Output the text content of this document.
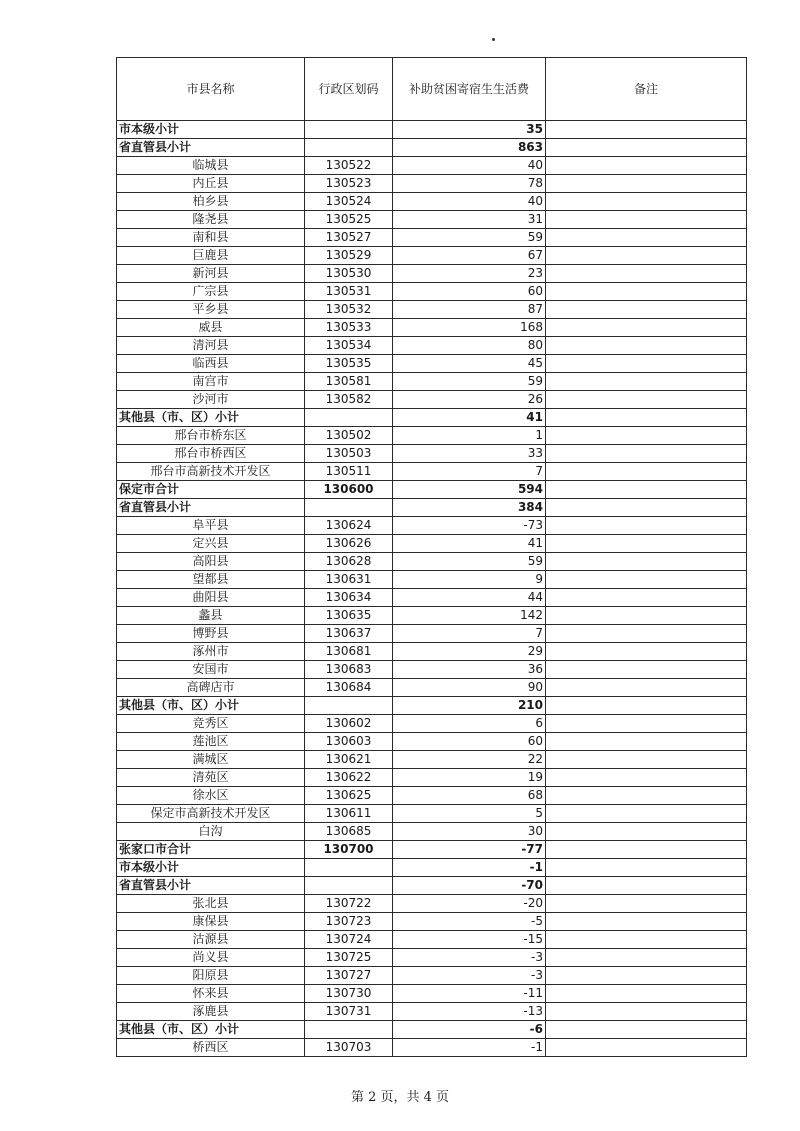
市县名称	行政区划码	补助贫困寄宿生生活费	备注
市本级小计		35	
省直管县小计		863	
临城县	130522	40	
内丘县	130523	78	
柏乡县	130524	40	
隆尧县	130525	31	
南和县	130527	59	
巨鹿县	130529	67	
新河县	130530	23	
广宗县	130531	60	
平乡县	130532	87	
威县	130533	168	
清河县	130534	80	
临西县	130535	45	
南宫市	130581	59	
沙河市	130582	26	
其他县（市、区）小计		41	
邢台市桥东区	130502	1	
邢台市桥西区	130503	33	
邢台市高新技术开发区	130511	7	
保定市合计	130600	594	
省直管县小计		384	
阜平县	130624	-73	
定兴县	130626	41	
高阳县	130628	59	
望都县	130631	9	
曲阳县	130634	44	
蠡县	130635	142	
博野县	130637	7	
涿州市	130681	29	
安国市	130683	36	
高碑店市	130684	90	
其他县（市、区）小计		210	
竞秀区	130602	6	
莲池区	130603	60	
满城区	130621	22	
清苑区	130622	19	
徐水区	130625	68	
保定市高新技术开发区	130611	5	
白沟	130685	30	
张家口市合计	130700	-77	
市本级小计		-1	
省直管县小计		-70	
张北县	130722	-20	
康保县	130723	-5	
沽源县	130724	-15	
尚义县	130725	-3	
阳原县	130727	-3	
怀来县	130730	-11	
涿鹿县	130731	-13	
其他县（市、区）小计		-6	
桥西区	130703	-1	
第 2 页，共 4 页
